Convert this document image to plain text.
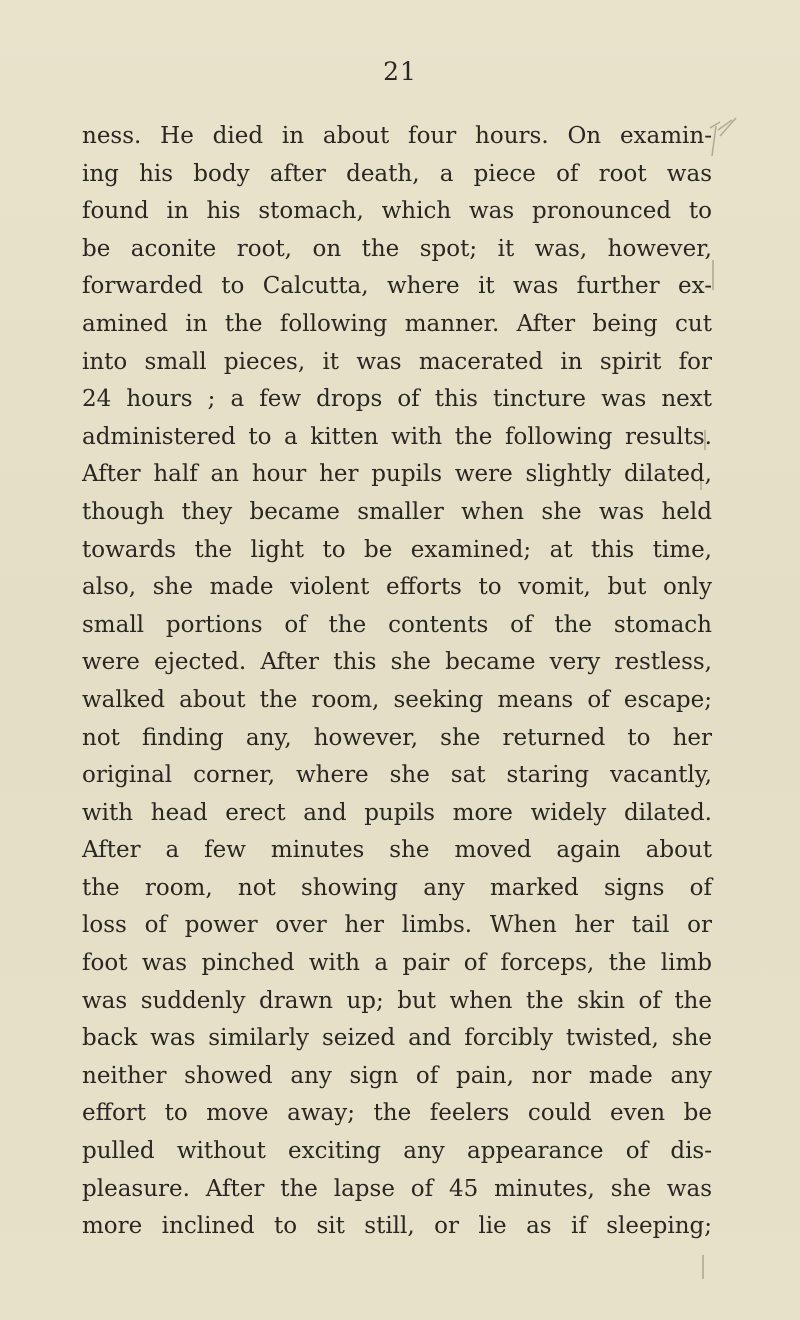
21
ness. He died in about four hours. On examin-
ing his body after death, a piece of root was
found in his stomach, which was pronounced to
be aconite root, on the spot; it was, however,
forwarded to Calcutta, where it was further ex-
amined in the following manner. After being cut
into small pieces, it was macerated in spirit for
24 hours ; a few drops of this tincture was next
administered to a kitten with the following results.
After half an hour her pupils were slightly dilated,
though they became smaller when she was held
towards the light to be examined; at this time,
also, she made violent efforts to vomit, but only
small portions of the contents of the stomach
were ejected. After this she became very restless,
walked about the room, seeking means of escape;
not finding any, however, she returned to her
original corner, where she sat staring vacantly,
with head erect and pupils more widely dilated.
After a few minutes she moved again about
the room, not showing any marked signs of
loss of power over her limbs. When her tail or
foot was pinched with a pair of forceps, the limb
was suddenly drawn up; but when the skin of the
back was similarly seized and forcibly twisted, she
neither showed any sign of pain, nor made any
effort to move away; the feelers could even be
pulled without exciting any appearance of dis-
pleasure. After the lapse of 45 minutes, she was
more inclined to sit still, or lie as if sleeping;
